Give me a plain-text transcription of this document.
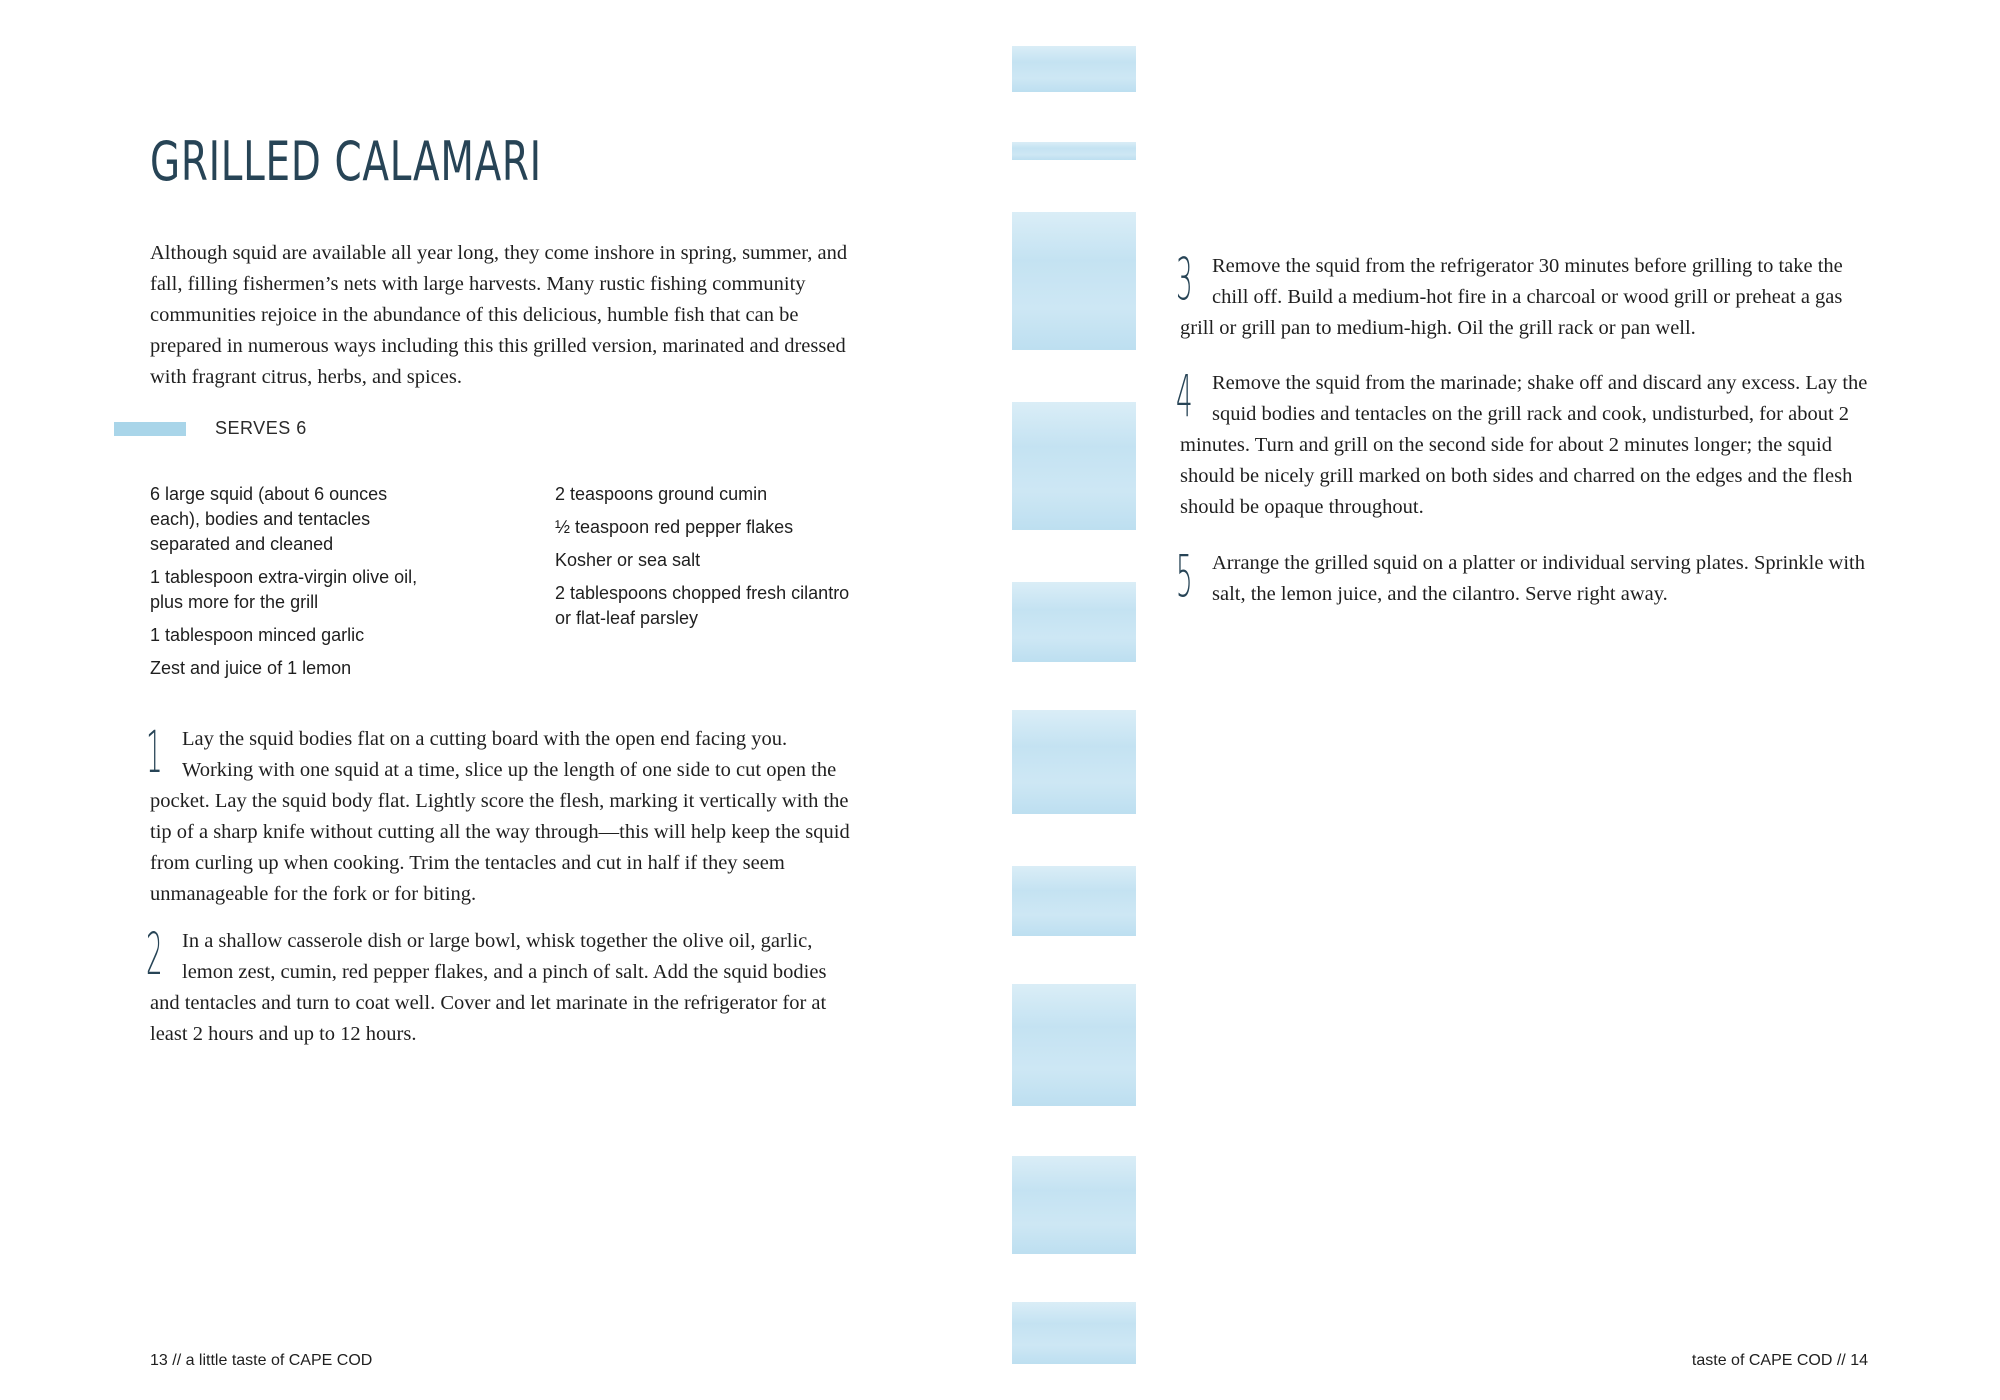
GRILLED CALAMARI

Although squid are available all year long, they come inshore in spring, summer, and fall, filling fishermen’s nets with large harvests. Many rustic fishing community communities rejoice in the abundance of this delicious, humble fish that can be prepared in numerous ways including this this grilled version, marinated and dressed with fragrant citrus, herbs, and spices.

SERVES 6

6 large squid (about 6 ounces each), bodies and tentacles separated and cleaned

1 tablespoon extra-virgin olive oil, plus more for the grill

1 tablespoon minced garlic

Zest and juice of 1 lemon

2 teaspoons ground cumin

½ teaspoon red pepper flakes

Kosher or sea salt

2 tablespoons chopped fresh cilantro or flat-leaf parsley

1 Lay the squid bodies flat on a cutting board with the open end facing you. Working with one squid at a time, slice up the length of one side to cut open the pocket. Lay the squid body flat. Lightly score the flesh, marking it vertically with the tip of a sharp knife without cutting all the way through—this will help keep the squid from curling up when cooking. Trim the tentacles and cut in half if they seem unmanageable for the fork or for biting.

2 In a shallow casserole dish or large bowl, whisk together the olive oil, garlic, lemon zest, cumin, red pepper flakes, and a pinch of salt. Add the squid bodies and tentacles and turn to coat well. Cover and let marinate in the refrigerator for at least 2 hours and up to 12 hours.

3 Remove the squid from the refrigerator 30 minutes before grilling to take the chill off. Build a medium-hot fire in a charcoal or wood grill or preheat a gas grill or grill pan to medium-high. Oil the grill rack or pan well.

4 Remove the squid from the marinade; shake off and discard any excess. Lay the squid bodies and tentacles on the grill rack and cook, undisturbed, for about 2 minutes. Turn and grill on the second side for about 2 minutes longer; the squid should be nicely grill marked on both sides and charred on the edges and the flesh should be opaque throughout.

5 Arrange the grilled squid on a platter or individual serving plates. Sprinkle with salt, the lemon juice, and the cilantro. Serve right away.

13 // a little taste of CAPE COD	taste of CAPE COD // 14
